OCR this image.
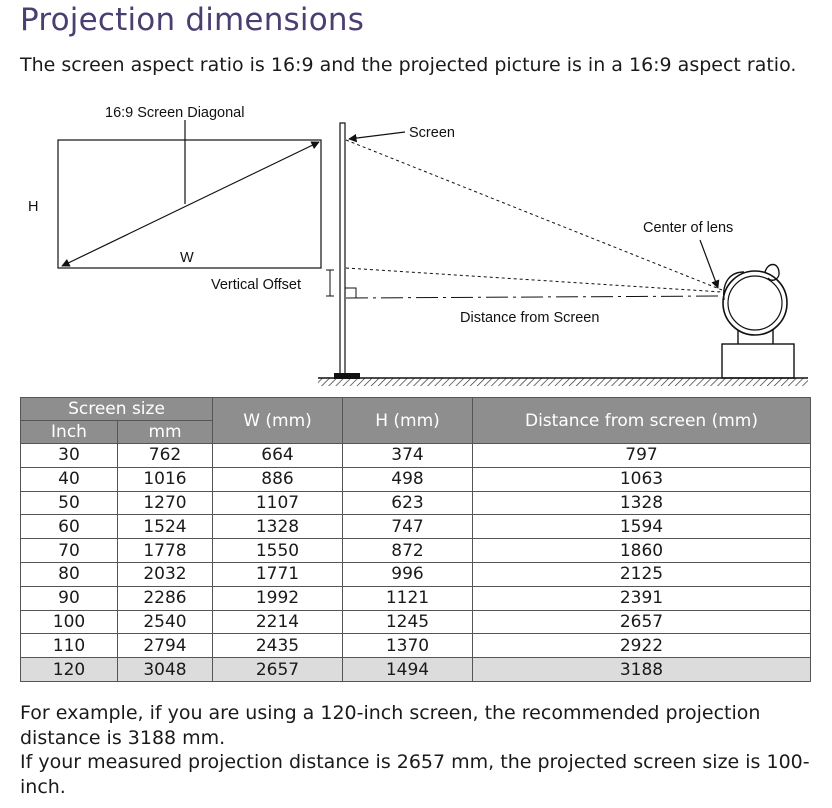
Projection dimensions
The screen aspect ratio is 16:9 and the projected picture is in a 16:9 aspect ratio.
16:9 Screen Diagonal
H
W
Vertical Offset
Screen
Distance from Screen
Center of lens
Screen size		W (mm)	H (mm)	Distance from screen (mm)
Inch	mm			
30	762	664	374	797
40	1016	886	498	1063
50	1270	1107	623	1328
60	1524	1328	747	1594
70	1778	1550	872	1860
80	2032	1771	996	2125
90	2286	1992	1121	2391
100	2540	2214	1245	2657
110	2794	2435	1370	2922
120	3048	2657	1494	3188

For example, if you are using a 120-inch screen, the recommended projection distance is 3188 mm.

If your measured projection distance is 2657 mm, the projected screen size is 100-inch.
